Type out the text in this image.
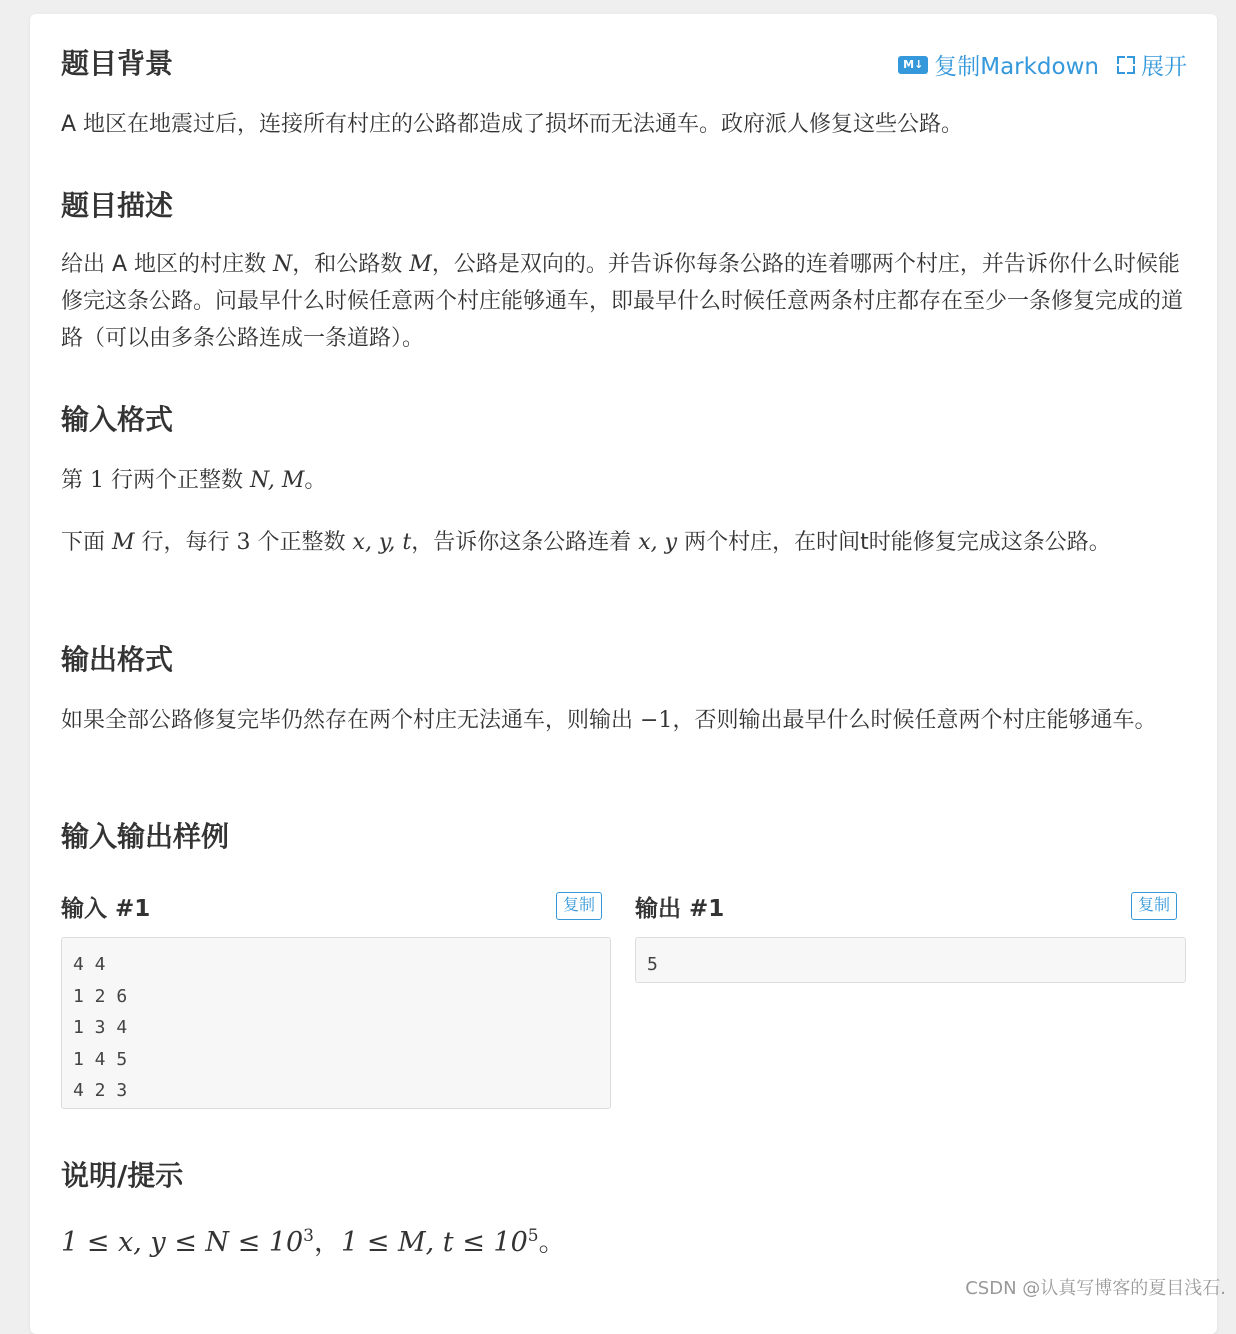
M↓ 复制Markdown 展开
题目背景

A 地区在地震过后，连接所有村庄的公路都造成了损坏而无法通车。政府派人修复这些公路。

题目描述

给出 A 地区的村庄数 N，和公路数 M，公路是双向的。并告诉你每条公路的连着哪两个村庄，并告诉你什么时候能修完这条公路。问最早什么时候任意两个村庄能够通车，即最早什么时候任意两条村庄都存在至少一条修复完成的道路（可以由多条公路连成一条道路）。

输入格式

第 1 行两个正整数 N, M。

下面 M 行，每行 3 个正整数 x, y, t，告诉你这条公路连着 x, y 两个村庄，在时间t时能修复完成这条公路。

输出格式

如果全部公路修复完毕仍然存在两个村庄无法通车，则输出 −1，否则输出最早什么时候任意两个村庄能够通车。

输入输出样例
输入 #1	复制
4 4
1 2 6
1 3 4
1 4 5
4 2 3
输出 #1	复制
5
说明/提示

1 ≤ x, $y \le N \le 10^3$，1 ≤ M, $t \le 10^5$。

CSDN @认真写博客的夏目浅石.
